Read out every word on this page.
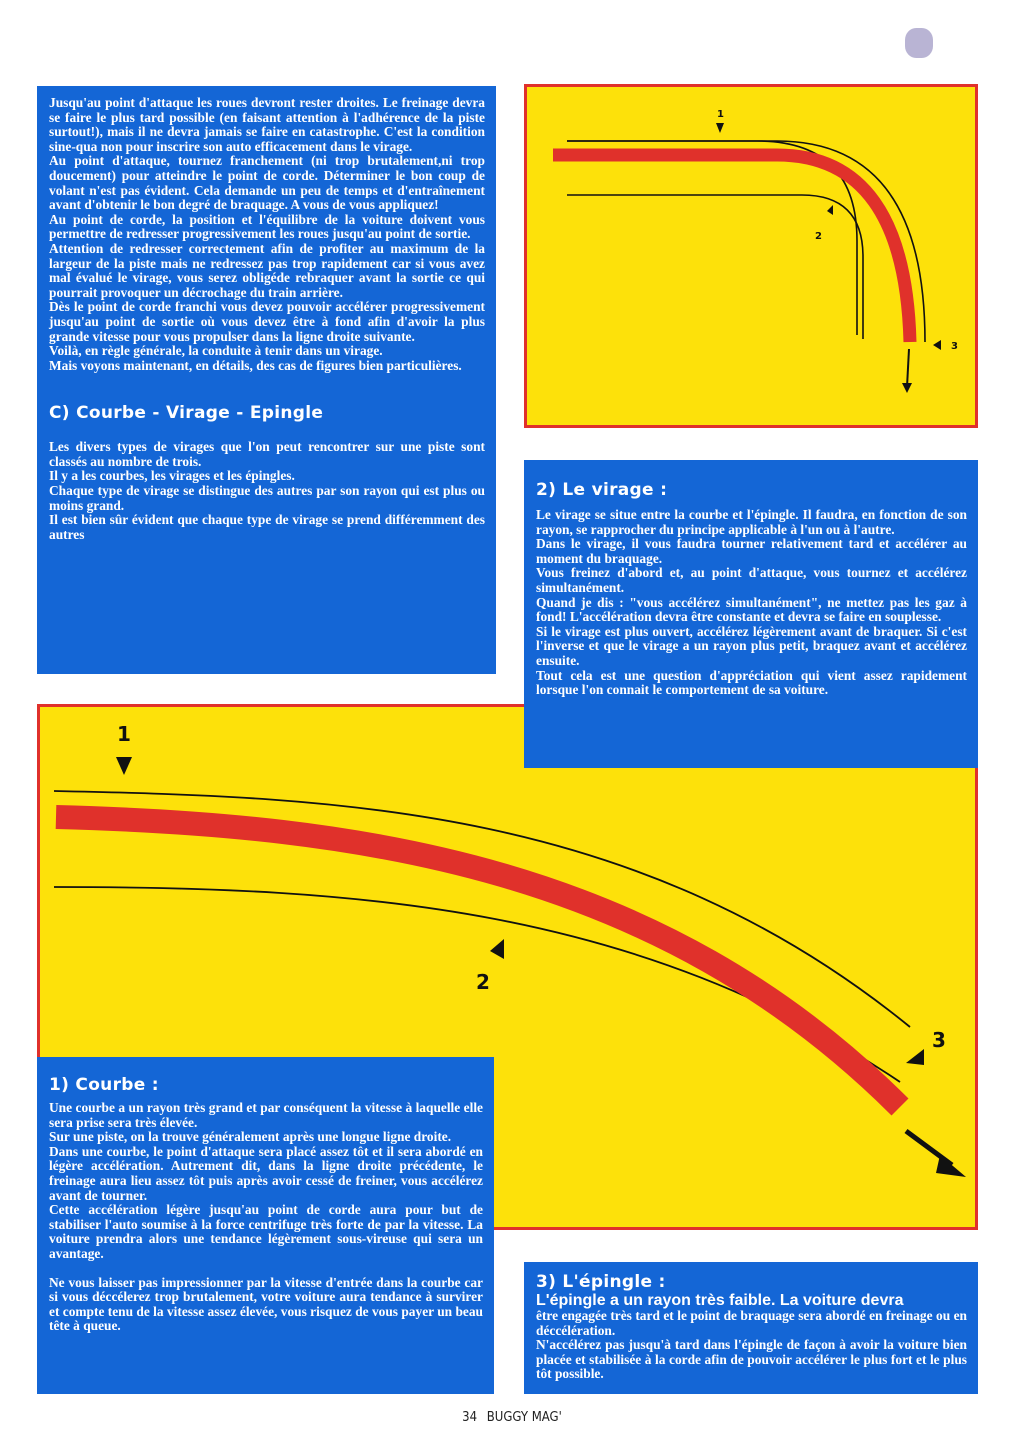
Jusqu'au point d'attaque les roues devront rester droites. Le freinage devra se faire le plus tard possible (en faisant attention à l'adhérence de la piste surtout!), mais il ne devra jamais se faire en catastrophe. C'est la condition sine-qua non pour inscrire son auto efficacement dans le virage.

Au point d'attaque, tournez franchement (ni trop brutalement,ni trop doucement) pour atteindre le point de corde. Déterminer le bon coup de volant n'est pas évident. Cela demande un peu de temps et d'entraînement avant d'obtenir le bon degré de braquage. A vous de vous appliquez!

Au point de corde, la position et l'équilibre de la voiture doivent vous permettre de redresser progressivement les roues jusqu'au point de sortie.

Attention de redresser correctement afin de profiter au maximum de la largeur de la piste mais ne redressez pas trop rapidement car si vous avez mal évalué le virage, vous serez obligéde rebraquer avant la sortie ce qui pourrait provoquer un décrochage du train arrière.

Dès le point de corde franchi vous devez pouvoir accélérer progressivement jusqu'au point de sortie où vous devez être à fond afin d'avoir la plus grande vitesse pour vous propulser dans la ligne droite suivante.

Voilà, en règle générale, la conduite à tenir dans un virage.

Mais voyons maintenant, en détails, des cas de figures bien particulières.

C) Courbe - Virage - Epingle

Les divers types de virages que l'on peut rencontrer sur une piste sont classés au nombre de trois.

Il y a les courbes, les virages et les épingles.

Chaque type de virage se distingue des autres par son rayon qui est plus ou moins grand.

Il est bien sûr évident que chaque type de virage se prend différemment des autres

1
2
3
1
2
3
2) Le virage :

Le virage se situe entre la courbe et l'épingle. Il faudra, en fonction de son rayon, se rapprocher du principe applicable à l'un ou à l'autre.

Dans le virage, il vous faudra tourner relativement tard et accélérer au moment du braquage.

Vous freinez d'abord et, au point d'attaque, vous tournez et accélérez simultanément.

Quand je dis : "vous accélérez simultanément", ne mettez pas les gaz à fond! L'accélération devra être constante et devra se faire en souplesse.

Si le virage est plus ouvert, accélérez légèrement avant de braquer. Si c'est l'inverse et que le virage a un rayon plus petit, braquez avant et accélérez ensuite.

Tout cela est une question d'appréciation qui vient assez rapidement lorsque l'on connait le comportement de sa voiture.

1) Courbe :

Une courbe a un rayon très grand et par conséquent la vitesse à laquelle elle sera prise sera très élevée.

Sur une piste, on la trouve généralement après une longue ligne droite.

Dans une courbe, le point d'attaque sera placé assez tôt et il sera abordé en légère accélération. Autrement dit, dans la ligne droite précédente, le freinage aura lieu assez tôt puis après avoir cessé de freiner, vous accélérez avant de tourner.

Cette accélération légère jusqu'au point de corde aura pour but de stabiliser l'auto soumise à la force centrifuge très forte de par la vitesse. La voiture prendra alors une tendance légèrement sous-vireuse qui sera un avantage.

Ne vous laisser pas impressionner par la vitesse d'entrée dans la courbe car si vous déccélerez trop brutalement, votre voiture aura tendance à survirer et compte tenu de la vitesse assez élevée, vous risquez de vous payer un beau tête à queue.

3) L'épingle :

L'épingle a un rayon très faible. La voiture devra

être engagée très tard et le point de braquage sera abordé en freinage ou en déccélération.

N'accélérez pas jusqu'à tard dans l'épingle de façon à avoir la voiture bien placée et stabilisée à la corde afin de pouvoir accélérer le plus fort et le plus tôt possible.

34 BUGGY MAG'
